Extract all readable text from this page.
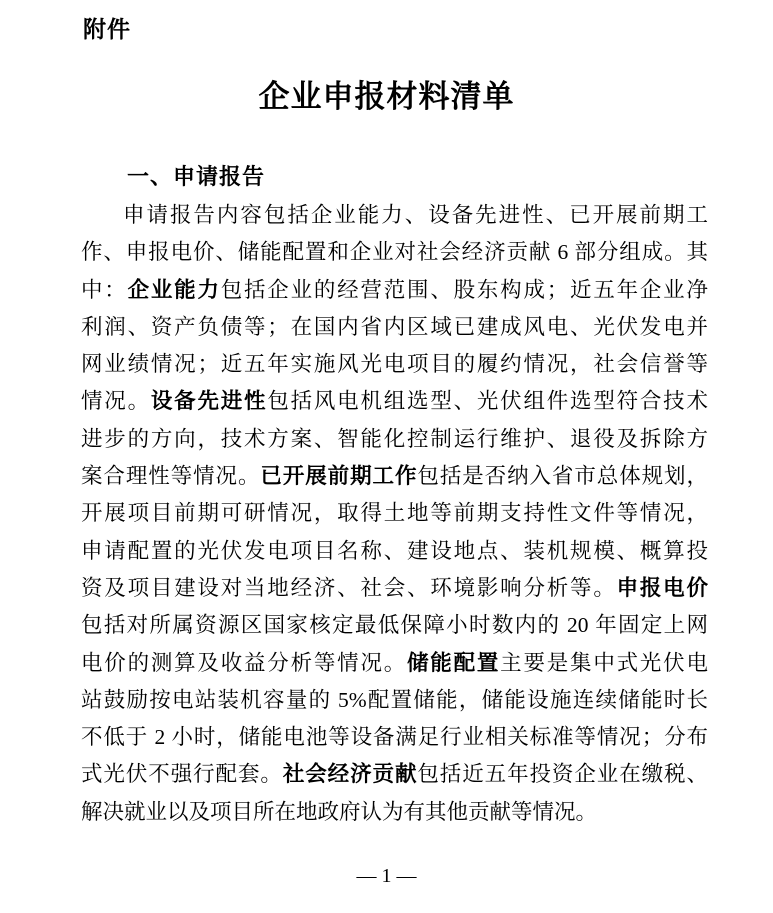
附件
企业申报材料清单
一、申请报告
申请报告内容包括企业能力、设备先进性、已开展前期工
作、申报电价、储能配置和企业对社会经济贡献 6 部分组成。其
中：企业能力包括企业的经营范围、股东构成；近五年企业净
利润、资产负债等；在国内省内区域已建成风电、光伏发电并
网业绩情况；近五年实施风光电项目的履约情况，社会信誉等
情况。设备先进性包括风电机组选型、光伏组件选型符合技术
进步的方向，技术方案、智能化控制运行维护、退役及拆除方
案合理性等情况。已开展前期工作包括是否纳入省市总体规划，
开展项目前期可研情况，取得土地等前期支持性文件等情况，
申请配置的光伏发电项目名称、建设地点、装机规模、概算投
资及项目建设对当地经济、社会、环境影响分析等。申报电价
包括对所属资源区国家核定最低保障小时数内的 20 年固定上网
电价的测算及收益分析等情况。储能配置主要是集中式光伏电
站鼓励按电站装机容量的 5%配置储能，储能设施连续储能时长
不低于 2 小时，储能电池等设备满足行业相关标准等情况；分布
式光伏不强行配套。社会经济贡献包括近五年投资企业在缴税、
解决就业以及项目所在地政府认为有其他贡献等情况。
— 1 —
